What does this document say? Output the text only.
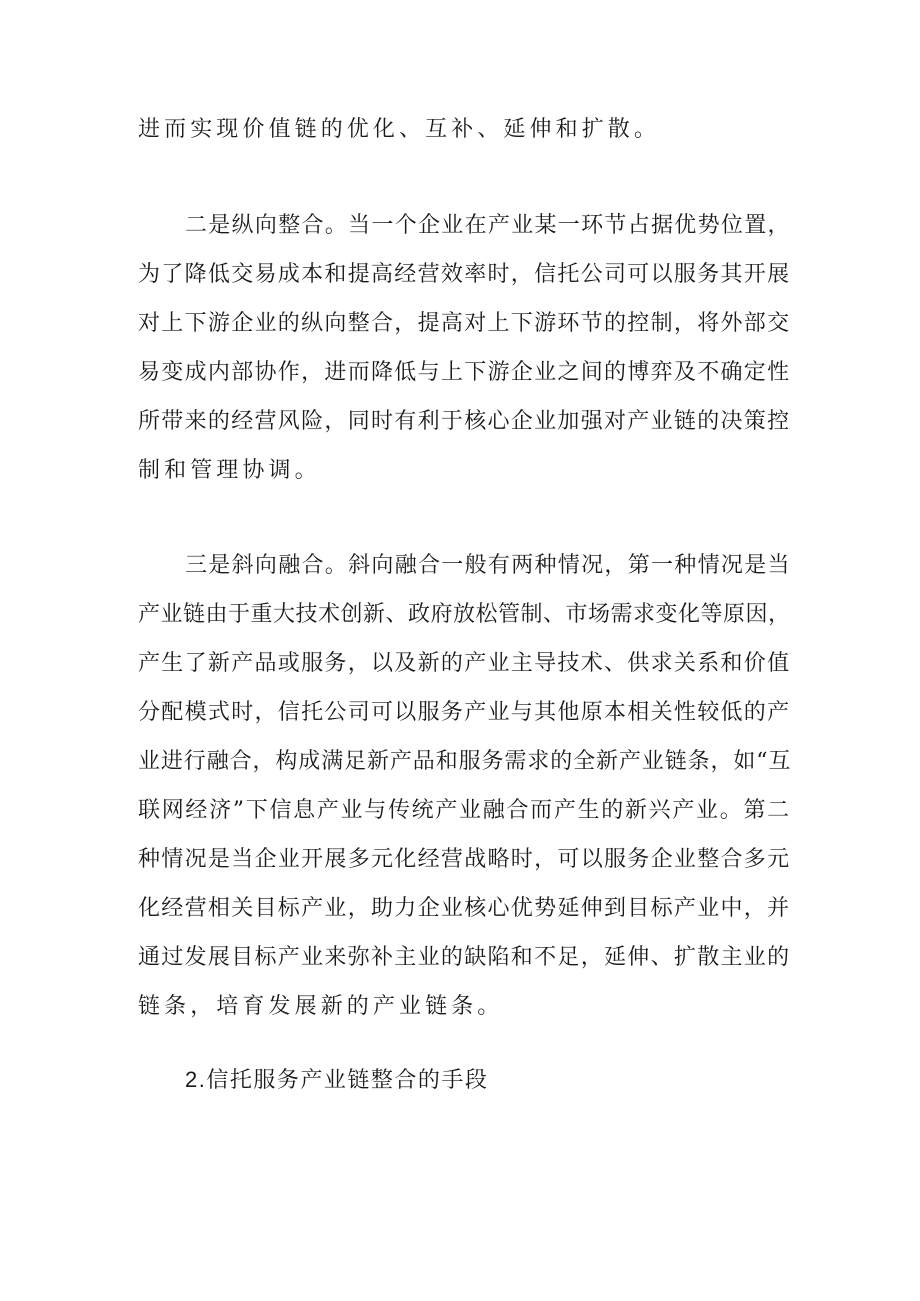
进而实现价值链的优化、互补、延伸和扩散。
二是纵向整合。当一个企业在产业某一环节占据优势位置，
为了降低交易成本和提高经营效率时，信托公司可以服务其开展
对上下游企业的纵向整合，提高对上下游环节的控制，将外部交
易变成内部协作，进而降低与上下游企业之间的博弈及不确定性
所带来的经营风险，同时有利于核心企业加强对产业链的决策控
制和管理协调。
三是斜向融合。斜向融合一般有两种情况，第一种情况是当
产业链由于重大技术创新、政府放松管制、市场需求变化等原因，
产生了新产品或服务，以及新的产业主导技术、供求关系和价值
分配模式时，信托公司可以服务产业与其他原本相关性较低的产
业进行融合，构成满足新产品和服务需求的全新产业链条，如“互
联网经济”下信息产业与传统产业融合而产生的新兴产业。第二
种情况是当企业开展多元化经营战略时，可以服务企业整合多元
化经营相关目标产业，助力企业核心优势延伸到目标产业中，并
通过发展目标产业来弥补主业的缺陷和不足，延伸、扩散主业的
链条，培育发展新的产业链条。
2.信托服务产业链整合的手段
